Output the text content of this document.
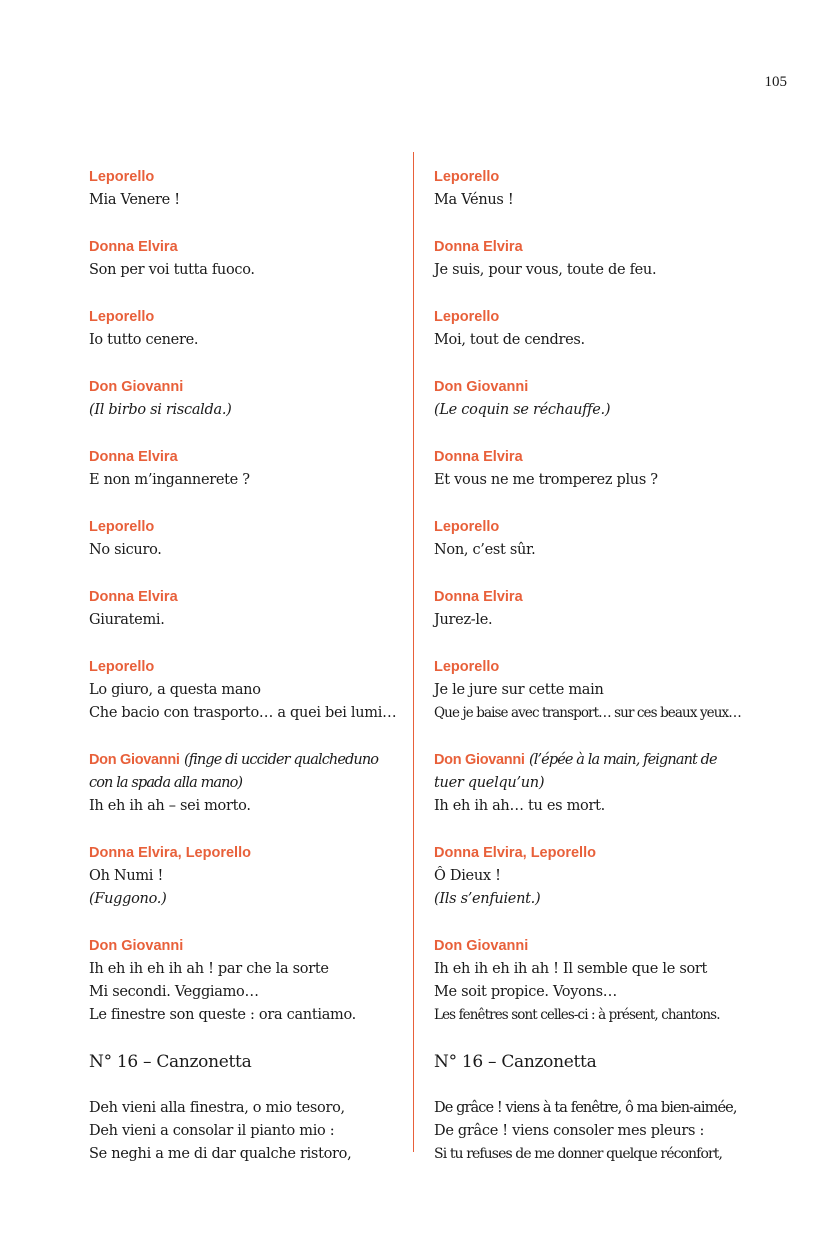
105

Leporello

Mia Venere !

Donna Elvira

Son per voi tutta fuoco.

Leporello

Io tutto cenere.

Don Giovanni

(Il birbo si riscalda.)

Donna Elvira

E non m’ingannerete ?

Leporello

No sicuro.

Donna Elvira

Giuratemi.

Leporello

Lo giuro, a questa mano

Che bacio con trasporto… a quei bei lumi…

Don Giovanni (finge di uccider qualcheduno

con la spada alla mano)

Ih eh ih ah – sei morto.

Donna Elvira, Leporello

Oh Numi !

(Fuggono.)

Don Giovanni

Ih eh ih eh ih ah ! par che la sorte

Mi secondi. Veggiamo…

Le finestre son queste : ora cantiamo.

N° 16 – Canzonetta

Deh vieni alla finestra, o mio tesoro,

Deh vieni a consolar il pianto mio :

Se neghi a me di dar qualche ristoro,

Leporello

Ma Vénus !

Donna Elvira

Je suis, pour vous, toute de feu.

Leporello

Moi, tout de cendres.

Don Giovanni

(Le coquin se réchauffe.)

Donna Elvira

Et vous ne me tromperez plus ?

Leporello

Non, c’est sûr.

Donna Elvira

Jurez-le.

Leporello

Je le jure sur cette main

Que je baise avec transport… sur ces beaux yeux…

Don Giovanni (l’épée à la main, feignant de

tuer quelqu’un)

Ih eh ih ah… tu es mort.

Donna Elvira, Leporello

Ô Dieux !

(Ils s’enfuient.)

Don Giovanni

Ih eh ih eh ih ah ! Il semble que le sort

Me soit propice. Voyons…

Les fenêtres sont celles-ci : à présent, chantons.

N° 16 – Canzonetta

De grâce ! viens à ta fenêtre, ô ma bien-aimée,

De grâce ! viens consoler mes pleurs :

Si tu refuses de me donner quelque réconfort,
